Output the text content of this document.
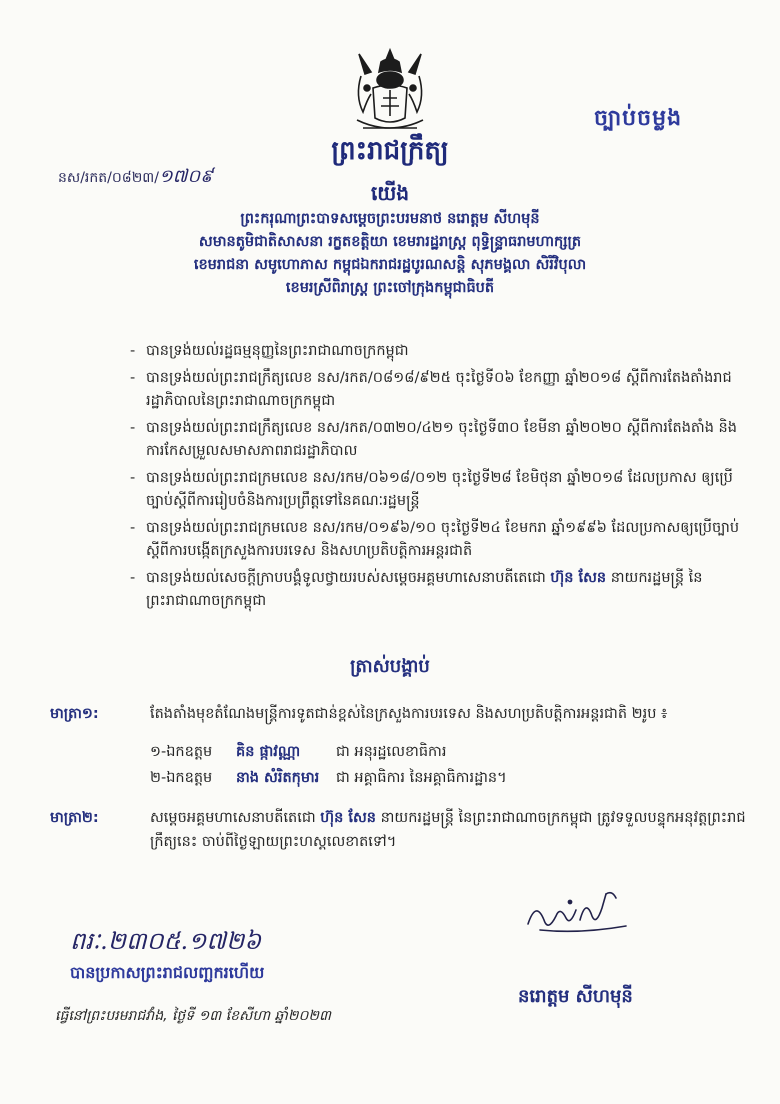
ច្បាប់ចម្លង
ព្រះរាជក្រឹត្យ
នស/រកត/០៨២៣/១៧០៩
យើង
ព្រះករុណាព្រះបាទសម្តេចព្រះបរមនាថ នរោត្តម សីហមុនី
សមានតូមិជាតិសាសនា រក្ខតខត្តិយា ខេមរារដ្ឋរាស្ត្រ ពុទ្ធិន្ទ្រាធរាមហាក្សត្រ
ខេមរាជនា សមូហោភាស កម្ពុជឯករាជរដ្ឋបូរណសន្តិ សុភមង្គលា សិរីវិបុលា
ខេមរស្រីពិរាស្ត្រ ព្រះចៅក្រុងកម្ពុជាធិបតី
- បានទ្រង់យល់រដ្ឋធម្មនុញ្ញនៃព្រះរាជាណាចក្រកម្ពុជា
- បានទ្រង់យល់ព្រះរាជក្រឹត្យលេខ នស/រកត/០៨១៨/៩២៥ ចុះថ្ងៃទី០៦ ខែកញ្ញា ឆ្នាំ២០១៨ ស្តីពីការតែងតាំងរាជរដ្ឋាភិបាលនៃព្រះរាជាណាចក្រកម្ពុជា
- បានទ្រង់យល់ព្រះរាជក្រឹត្យលេខ នស/រកត/០៣២០/៤២១ ចុះថ្ងៃទី៣០ ខែមីនា ឆ្នាំ២០២០ ស្តីពីការតែងតាំង និងការកែសម្រួលសមាសភាពរាជរដ្ឋាភិបាល
- បានទ្រង់យល់ព្រះរាជក្រមលេខ នស/រកម/០៦១៨/០១២ ចុះថ្ងៃទី២៨ ខែមិថុនា ឆ្នាំ២០១៨ ដែលប្រកាស ឲ្យប្រើច្បាប់ស្តីពីការរៀបចំនិងការប្រព្រឹត្តទៅនៃគណៈរដ្ឋមន្ត្រី
- បានទ្រង់យល់ព្រះរាជក្រមលេខ នស/រកម/០១៩៦/១០ ចុះថ្ងៃទី២៤ ខែមករា ឆ្នាំ១៩៩៦ ដែលប្រកាសឲ្យប្រើច្បាប់ស្តីពីការបង្កើតក្រសួងការបរទេស និងសហប្រតិបត្តិការអន្តរជាតិ
- បានទ្រង់យល់សេចក្តីក្រាបបង្គំទូលថ្វាយរបស់សម្តេចអគ្គមហាសេនាបតីតេជោ ហ៊ុន សែន នាយករដ្ឋមន្ត្រី នៃព្រះរាជាណាចក្រកម្ពុជា
ត្រាស់បង្គាប់
មាត្រា១:	តែងតាំងមុខតំណែងមន្ត្រីការទូតជាន់ខ្ពស់នៃក្រសួងការបរទេស និងសហប្រតិបត្តិការអន្តរជាតិ ២រូប ៖
១-ឯកឧត្តម គិន ផ្កាវណ្ណា ជា អនុរដ្ឋលេខាធិការ
២-ឯកឧត្តម នាង សំរិតកុមារ ជា អគ្គាធិការ នៃអគ្គាធិការដ្ឋាន។
មាត្រា២:	សម្តេចអគ្គមហាសេនាបតីតេជោ ហ៊ុន សែន នាយករដ្ឋមន្ត្រី នៃព្រះរាជាណាចក្រកម្ពុជា ត្រូវទទួលបន្ទុកអនុវត្តព្រះរាជក្រឹត្យនេះ ចាប់ពីថ្ងៃឡាយព្រះហស្តលេខាតទៅ។
ពរៈ.២៣០៥.១៧២៦
បានប្រកាសព្រះរាជលញ្ឆករហើយ
ធ្វើនៅព្រះបរមរាជវាំង, ថ្ងៃទី ១៣ ខែសីហា ឆ្នាំ២០២៣
នរោត្តម សីហមុនី
